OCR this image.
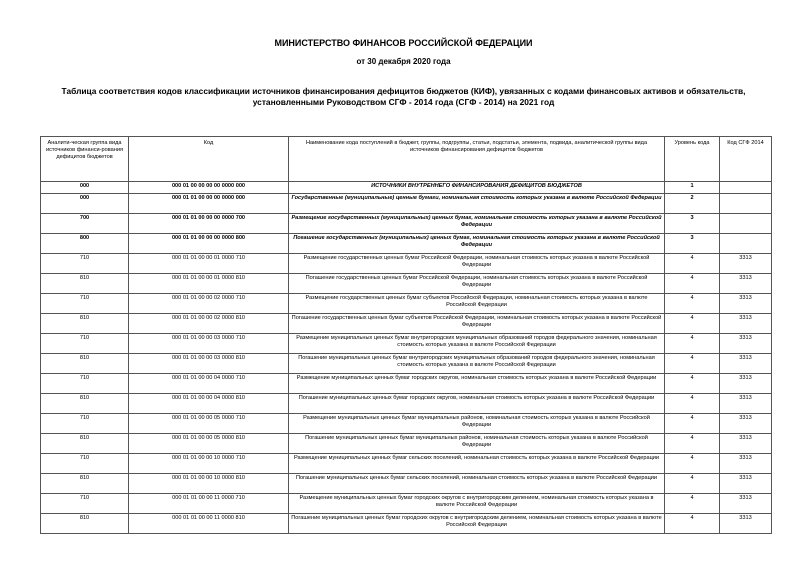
МИНИСТЕРСТВО ФИНАНСОВ РОССИЙСКОЙ ФЕДЕРАЦИИ
от 30 декабря 2020 года
Таблица соответствия кодов классификации источников финансирования дефицитов бюджетов (КИФ), увязанных с кодами финансовых активов и обязательств, установленными Руководством СГФ - 2014 года (СГФ - 2014) на 2021 год
Аналити-ческая группа вида источников финанси-рования дефицитов бюджетов	Код	Наименование кода поступлений в бюджет, группы, подгруппы, статьи, подстатьи, элемента, подвида, аналитической группы вида источников финансирования дефицитов бюджетов	Уровень кода	Код СГФ 2014
000	000 01 00 00 00 00 0000 000	ИСТОЧНИКИ ВНУТРЕННЕГО ФИНАНСИРОВАНИЯ ДЕФИЦИТОВ БЮДЖЕТОВ	1	
000	000 01 01 00 00 00 0000 000	Государственные (муниципальные) ценные бумаги, номинальная стоимость которых указана в валюте Российской Федерации	2	
700	000 01 01 00 00 00 0000 700	Размещение государственных (муниципальных) ценных бумаг, номинальная стоимость которых указана в валюте Российской Федерации	3	
800	000 01 01 00 00 00 0000 800	Погашение государственных (муниципальных) ценных бумаг, номинальная стоимость которых указана в валюте Российской Федерации	3	
710	000 01 01 00 00 01 0000 710	Размещение государственных ценных бумаг Российской Федерации, номинальная стоимость которых указана в валюте Российской Федерации	4	3313
810	000 01 01 00 00 01 0000 810	Погашение государственных ценных бумаг Российской Федерации, номинальная стоимость которых указана в валюте Российской Федерации	4	3313
710	000 01 01 00 00 02 0000 710	Размещение государственных ценных бумаг субъектов Российской Федерации, номинальная стоимость которых указана в валюте Российской Федерации	4	3313
810	000 01 01 00 00 02 0000 810	Погашение государственных ценных бумаг субъектов Российской Федерации, номинальная стоимость которых указана в валюте Российской Федерации	4	3313
710	000 01 01 00 00 03 0000 710	Размещение муниципальных ценных бумаг внутригородских муниципальных образований городов федерального значения, номинальная стоимость которых указана в валюте Российской Федерации	4	3313
810	000 01 01 00 00 03 0000 810	Погашение муниципальных ценных бумаг внутригородских муниципальных образований городов федерального значения, номинальная стоимость которых указана в валюте Российской Федерации	4	3313
710	000 01 01 00 00 04 0000 710	Размещение муниципальных ценных бумаг городских округов, номинальная стоимость которых указана в валюте Российской Федерации	4	3313
810	000 01 01 00 00 04 0000 810	Погашение муниципальных ценных бумаг городских округов, номинальная стоимость которых указана в валюте Российской Федерации	4	3313
710	000 01 01 00 00 05 0000 710	Размещение муниципальных ценных бумаг муниципальных районов, номинальная стоимость которых указана в валюте Российской Федерации	4	3313
810	000 01 01 00 00 05 0000 810	Погашение муниципальных ценных бумаг муниципальных районов, номинальная стоимость которых указана в валюте Российской Федерации	4	3313
710	000 01 01 00 00 10 0000 710	Размещение муниципальных ценных бумаг сельских поселений, номинальная стоимость которых указана в валюте Российской Федерации	4	3313
810	000 01 01 00 00 10 0000 810	Погашение муниципальных ценных бумаг сельских поселений, номинальная стоимость которых указана в валюте Российской Федерации	4	3313
710	000 01 01 00 00 11 0000 710	Размещение муниципальных ценных бумаг городских округов с внутригородским делением, номинальная стоимость которых указана в валюте Российской Федерации	4	3313
810	000 01 01 00 00 11 0000 810	Погашение муниципальных ценных бумаг городских округов с внутригородским делением, номинальная стоимость которых указана в валюте Российской Федерации	4	3313
